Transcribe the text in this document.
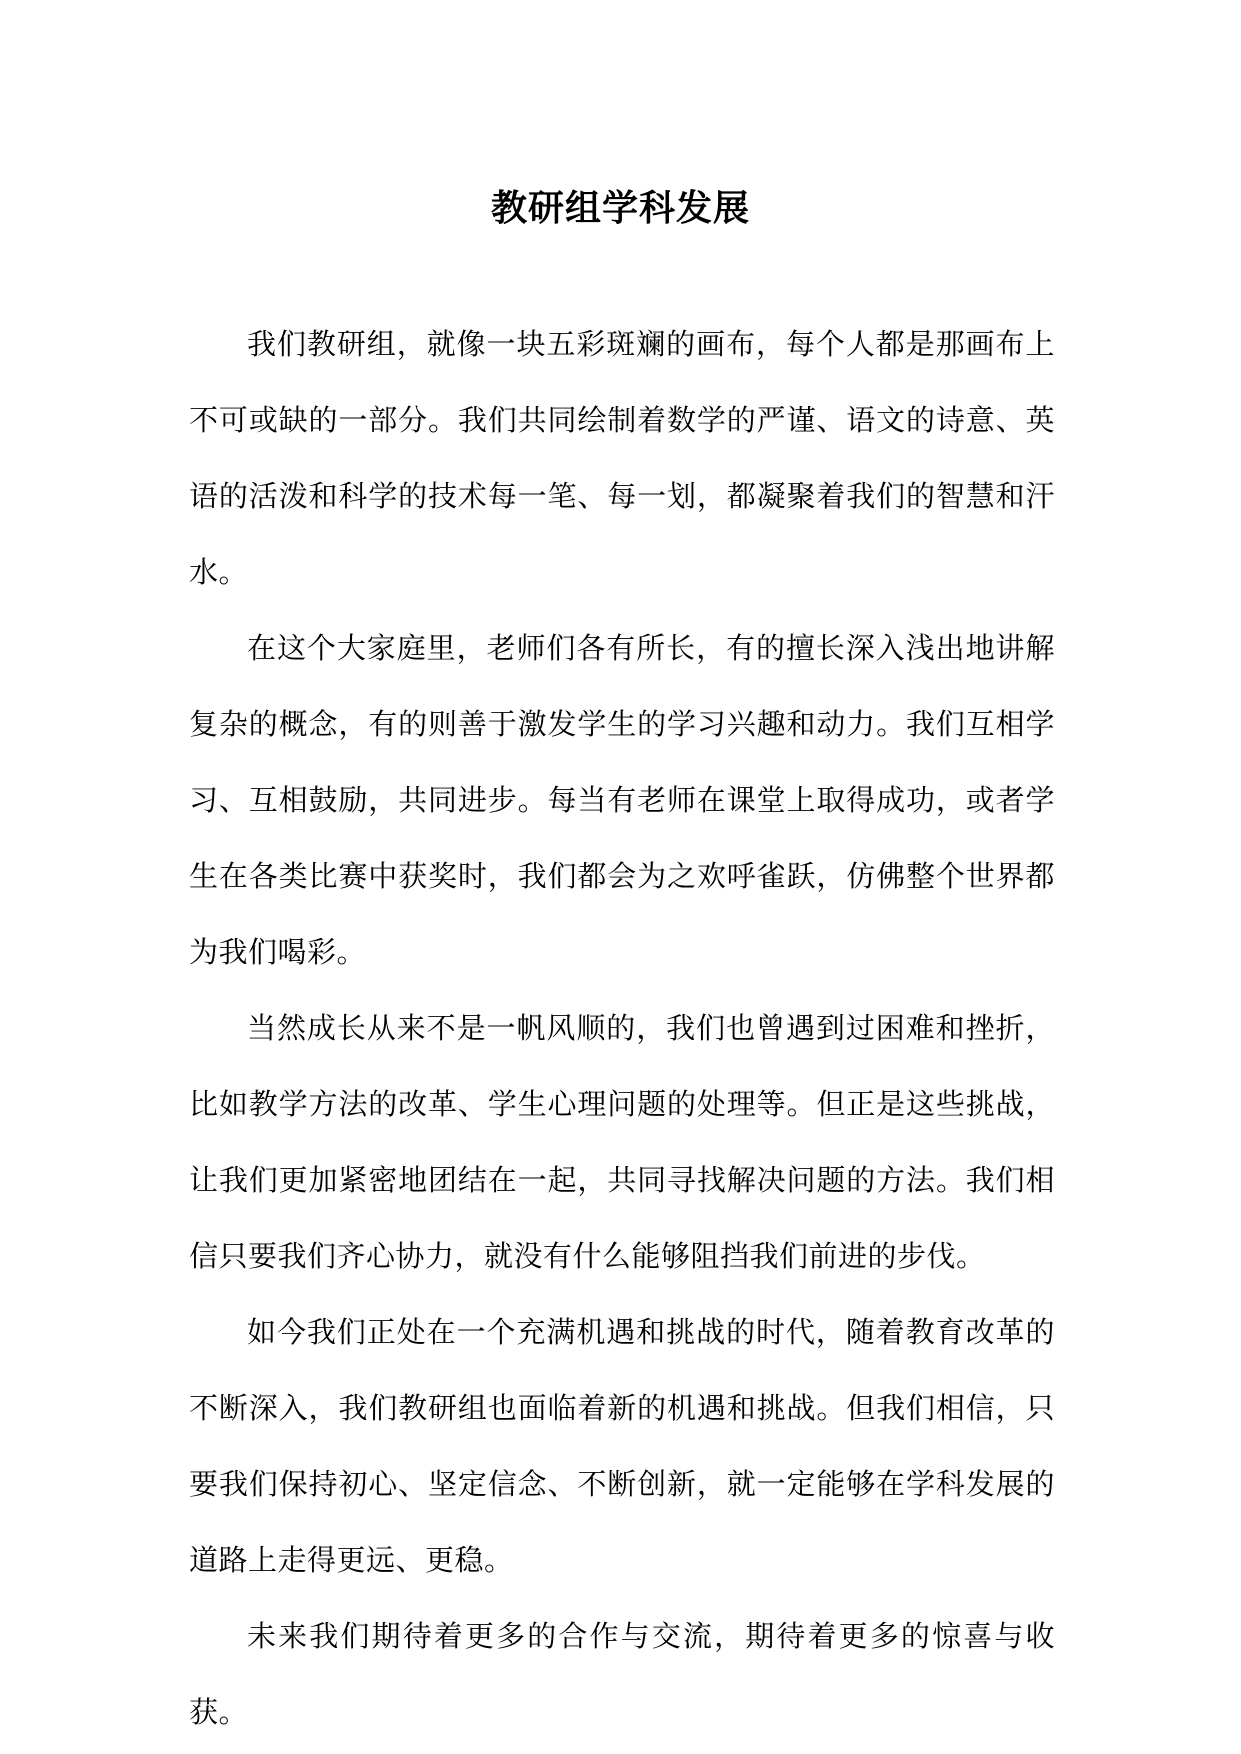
教研组学科发展

我们教研组，就像一块五彩斑斓的画布，每个人都是那画布上不可或缺的一部分。我们共同绘制着数学的严谨、语文的诗意、英语的活泼和科学的技术每一笔、每一划，都凝聚着我们的智慧和汗水。

在这个大家庭里，老师们各有所长，有的擅长深入浅出地讲解复杂的概念，有的则善于激发学生的学习兴趣和动力。我们互相学习、互相鼓励，共同进步。每当有老师在课堂上取得成功，或者学生在各类比赛中获奖时，我们都会为之欢呼雀跃，仿佛整个世界都为我们喝彩。

当然成长从来不是一帆风顺的，我们也曾遇到过困难和挫折，比如教学方法的改革、学生心理问题的处理等。但正是这些挑战，让我们更加紧密地团结在一起，共同寻找解决问题的方法。我们相信只要我们齐心协力，就没有什么能够阻挡我们前进的步伐。

如今我们正处在一个充满机遇和挑战的时代，随着教育改革的不断深入，我们教研组也面临着新的机遇和挑战。但我们相信，只要我们保持初心、坚定信念、不断创新，就一定能够在学科发展的道路上走得更远、更稳。

未来我们期待着更多的合作与交流，期待着更多的惊喜与收获。
